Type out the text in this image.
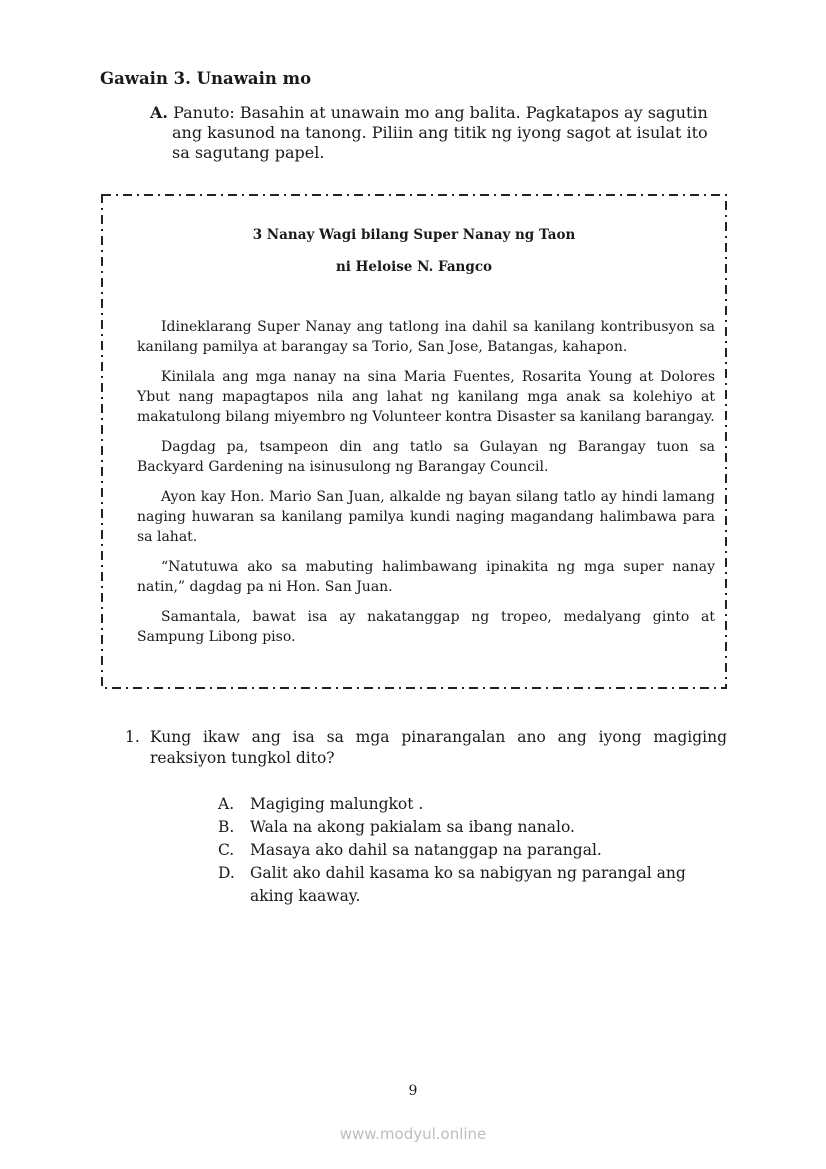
Gawain 3. Unawain mo
A. Panuto: Basahin at unawain mo ang balita. Pagkatapos ay sagutin ang kasunod na tanong. Piliin ang titik ng iyong sagot at isulat ito sa sagutang papel.
3 Nanay Wagi bilang Super Nanay ng Taon
ni Heloise N. Fangco

Idineklarang Super Nanay ang tatlong ina dahil sa kanilang kontribusyon sa kanilang pamilya at barangay sa Torio, San Jose, Batangas, kahapon.

Kinilala ang mga nanay na sina Maria Fuentes, Rosarita Young at Dolores Ybut nang mapagtapos nila ang lahat ng kanilang mga anak sa kolehiyo at makatulong bilang miyembro ng Volunteer kontra Disaster sa kanilang barangay.

Dagdag pa, tsampeon din ang tatlo sa Gulayan ng Barangay tuon sa Backyard Gardening na isinusulong ng Barangay Council.

Ayon kay Hon. Mario San Juan, alkalde ng bayan silang tatlo ay hindi lamang naging huwaran sa kanilang pamilya kundi naging magandang halimbawa para sa lahat.

“Natutuwa ako sa mabuting halimbawang ipinakita ng mga super nanay natin,” dagdag pa ni Hon. San Juan.

Samantala, bawat isa ay nakatanggap ng tropeo, medalyang ginto at Sampung Libong piso.

1. Kung ikaw ang isa sa mga pinarangalan ano ang iyong magiging reaksiyon tungkol dito?
A. Magiging malungkot .
B. Wala na akong pakialam sa ibang nanalo.
C. Masaya ako dahil sa natanggap na parangal.
D. Galit ako dahil kasama ko sa nabigyan ng parangal ang aking kaaway.
9
www.modyul.online
